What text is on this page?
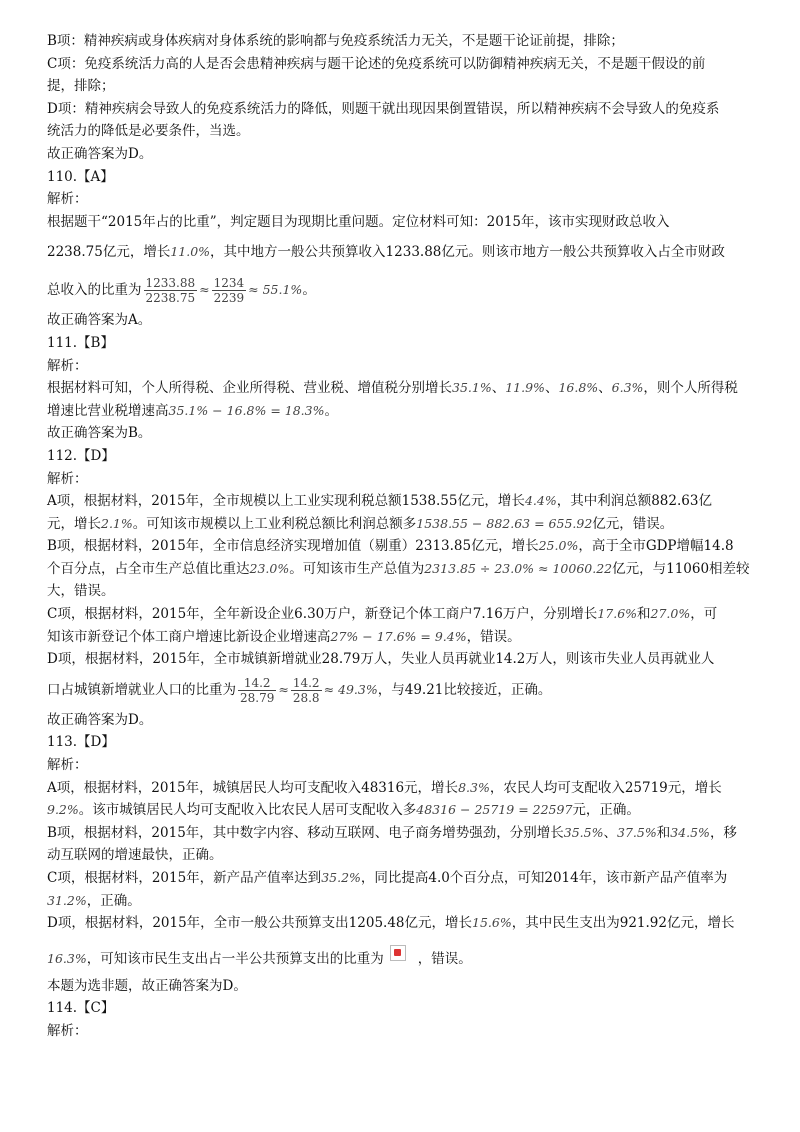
B项：精神疾病或身体疾病对身体系统的影响都与免疫系统活力无关，不是题干论证前提，排除；
C项：免疫系统活力高的人是否会患精神疾病与题干论述的免疫系统可以防御精神疾病无关，不是题干假设的前
提，排除；
D项：精神疾病会导致人的免疫系统活力的降低，则题干就出现因果倒置错误，所以精神疾病不会导致人的免疫系
统活力的降低是必要条件，当选。
故正确答案为D。
110.【A】
解析：
根据题干“2015年占的比重”，判定题目为现期比重问题。定位材料可知：2015年，该市实现财政总收入
2238.75亿元，增长11.0%，其中地方一般公共预算收入1233.88亿元。则该市地方一般公共预算收入占全市财政
总收入的比重为 $\frac{1233.88}{2238.75} \approx \frac{1234}{2239} \approx 55.1\%$。
故正确答案为A。
111.【B】
解析：
根据材料可知，个人所得税、企业所得税、营业税、增值税分别增长35.1%、11.9%、16.8%、6.3%，则个人所得税
增速比营业税增速高35.1% − 16.8% = 18.3%。
故正确答案为B。
112.【D】
解析：
A项，根据材料，2015年，全市规模以上工业实现利税总额1538.55亿元，增长4.4%，其中利润总额882.63亿
元，增长2.1%。可知该市规模以上工业利税总额比利润总额多1538.55 − 882.63 = 655.92亿元，错误。
B项，根据材料，2015年，全市信息经济实现增加值（剔重）2313.85亿元，增长25.0%，高于全市GDP增幅14.8
个百分点，占全市生产总值比重达23.0%。可知该市生产总值为2313.85 ÷ 23.0% ≈ 10060.22亿元，与11060相差较
大，错误。
C项，根据材料，2015年，全年新设企业6.30万户，新登记个体工商户7.16万户，分别增长17.6%和27.0%，可
知该市新登记个体工商户增速比新设企业增速高27% − 17.6% = 9.4%，错误。
D项，根据材料，2015年，全市城镇新增就业28.79万人，失业人员再就业14.2万人，则该市失业人员再就业人
口占城镇新增就业人口的比重为 $\frac{14.2}{28.79} \approx \frac{14.2}{28.8} \approx 49.3\%$，与49.21比较接近，正确。
故正确答案为D。
113.【D】
解析：
A项，根据材料，2015年，城镇居民人均可支配收入48316元，增长8.3%，农民人均可支配收入25719元，增长
9.2%。该市城镇居民人均可支配收入比农民人居可支配收入多48316 − 25719 = 22597元，正确。
B项，根据材料，2015年，其中数字内容、移动互联网、电子商务增势强劲，分别增长35.5%、37.5%和34.5%，移
动互联网的增速最快，正确。
C项，根据材料，2015年，新产品产值率达到35.2%，同比提高4.0个百分点，可知2014年，该市新产品产值率为
31.2%，正确。
D项，根据材料，2015年，全市一般公共预算支出1205.48亿元，增长15.6%，其中民生支出为921.92亿元，增长
16.3%，可知该市民生支出占一半公共预算支出的比重为×	，错误。
本题为选非题，故正确答案为D。
114.【C】
解析：
